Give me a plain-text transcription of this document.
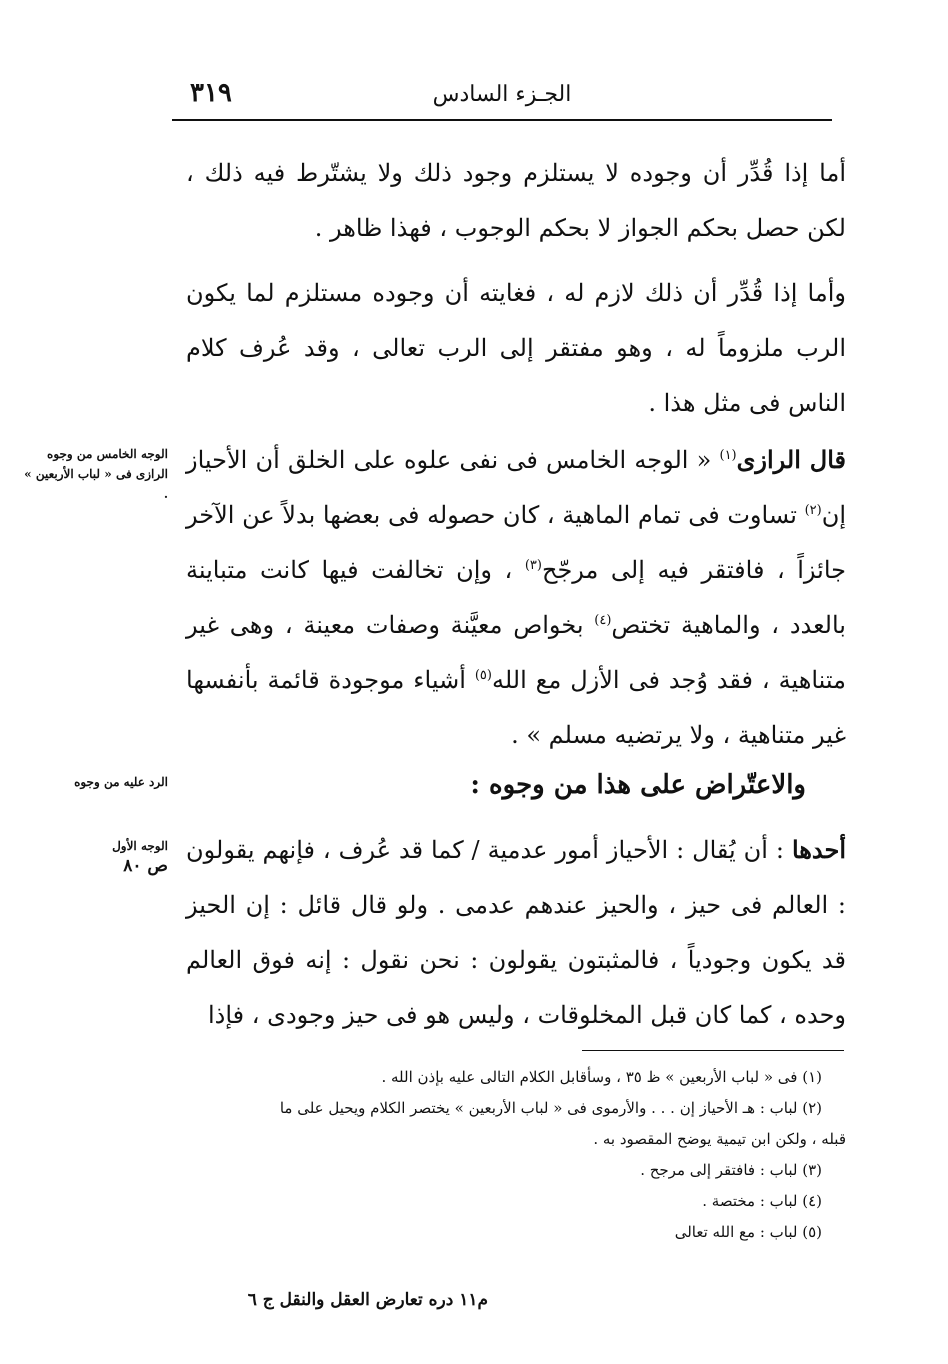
٣١٩	الجـزء السادس

أما إذا قُدِّر أن وجوده لا يستلزم وجود ذلك ولا يشتّرط فيه ذلك ، لكن حصل بحكم الجواز لا بحكم الوجوب ، فهذا ظاهر .

وأما إذا قُدِّر أن ذلك لازم له ، فغايته أن وجوده مستلزم لما يكون الرب ملزوماً له ، وهو مفتقر إلى الرب تعالى ، وقد عُرف كلام الناس فى مثل هذا .

قال الرازى$^{(١)}$ « الوجه الخامس فى نفى علوه على الخلق أن الأحياز إن$^{(٢)}$ تساوت فى تمام الماهية ، كان حصوله فى بعضها بدلاً عن الآخر جائزاً ، فافتقر فيه إلى مرجّح$^{(٣)}$ ، وإن تخالفت فيها كانت متباينة بالعدد ، والماهية تختص$^{(٤)}$ بخواص معيَّنة وصفات معينة ، وهى غير متناهية ، فقد وُجد فى الأزل مع الله$^{(٥)}$ أشياء موجودة قائمة بأنفسها غير متناهية ، ولا يرتضيه مسلم » .

والاعتّراض على هذا من وجوه :

أحدها : أن يُقال : الأحياز أمور عدمية / كما قد عُرف ، فإنهم يقولون : العالم فى حيز ، والحيز عندهم عدمى . ولو قال قائل : إن الحيز قد يكون وجودياً ، فالمثبتون يقولون : نحن نقول : إنه فوق العالم وحده ، كما كان قبل المخلوقات ، وليس هو فى حيز وجودى ، فإذا

الوجه الخامس من وجوه الرازى فى « لباب الأربعين » .
الرد عليه من وجوه
الوجه الأول
ص ٨٠

(١) فى « لباب الأربعين » ظ ٣٥ ، وسأقابل الكلام التالى عليه بإذن الله .

(٢) لباب : هـ الأحياز إن . . . والأرموى فى « لباب الأربعين » يختصر الكلام ويحيل على ما

قبله ، ولكن ابن تيمية يوضح المقصود به .

(٣) لباب : فافتقر إلى مرجح .

(٤) لباب : مختصة .

(٥) لباب : مع الله تعالى

م١١ دره تعارض العقل والنقل ج ٦
